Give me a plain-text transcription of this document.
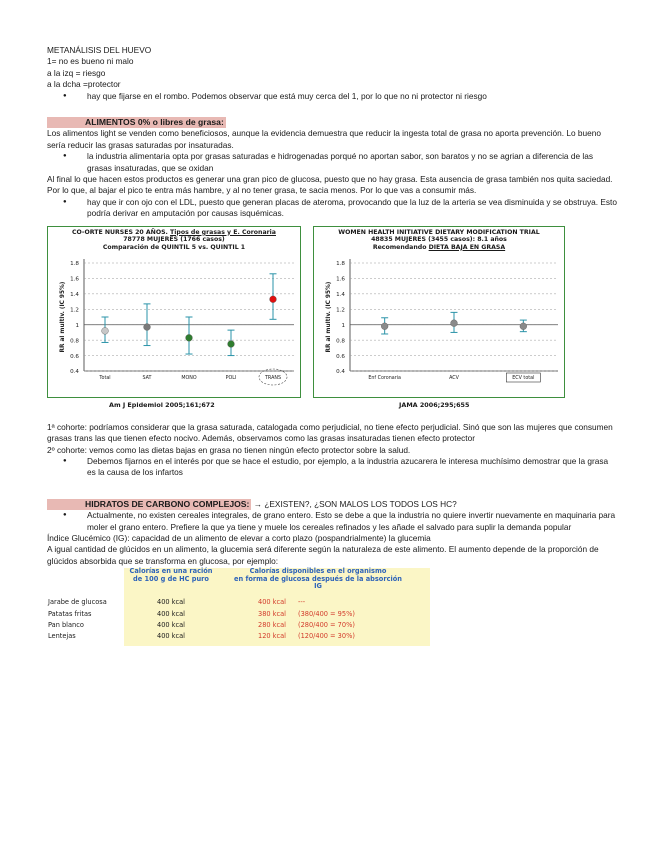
METANÁLISIS DEL HUEVO

1= no es bueno ni malo

a la izq = riesgo

a la dcha =protector

● hay que fijarse en el rombo. Podemos observar que está muy cerca del 1, por lo que no ni protector ni riesgo

ALIMENTOS 0% o libres de grasa:

Los alimentos light se venden como beneficiosos, aunque la evidencia demuestra que reducir la ingesta total de grasa no aporta prevención. Lo bueno sería reducir las grasas saturadas por insaturadas.

● la industria alimentaria opta por grasas saturadas e hidrogenadas porqué no aportan sabor, son baratos y no se agrian a diferencia de las grasas insaturadas, que se oxidan

Al final lo que hacen estos productos es generar una gran pico de glucosa, puesto que no hay grasa. Esta ausencia de grasa también nos quita saciedad. Por lo que, al bajar el pico te entra más hambre, y al no tener grasa, te sacia menos. Por lo que vas a consumir más.

● hay que ir con ojo con el LDL, puesto que generan placas de ateroma, provocando que la luz de la arteria se vea disminuida y se obstruya. Esto podría derivar en amputación por causas isquémicas.

CO-ORTE NURSES 20 AÑOS. Tipos de grasas y E. Coronaria
78778 MUJERES (1766 casos)
Comparación de QUINTIL 5 vs. QUINTIL 1
1.8
1.6
1.4
1.2
1
0.8
0.6
0.4
RR al multiv. (IC 95%)
Total	SAT	MONO	POLI	TRANS
Am J Epidemiol 2005;161;672
WOMEN HEALTH INITIATIVE DIETARY MODIFICATION TRIAL
48835 MUJERES (3455 casos): 8.1 años
Recomendando DIETA BAJA EN GRASA
1.8
1.6
1.4
1.2
1
0.8
0.6
0.4
RR al multiv. (IC 95%)
Enf Coronaria	ACV	ECV total
JAMA 2006;295;655

1ª cohorte: podríamos considerar que la grasa saturada, catalogada como perjudicial, no tiene efecto perjudicial. Sinó que son las mujeres que consumen grasas trans las que tienen efecto nocivo. Además, observamos como las grasas insaturadas tienen efecto protector

2º cohorte: vemos como las dietas bajas en grasa no tienen ningún efecto protector sobre la salud.

● Debemos fijarnos en el interés por que se hace el estudio, por ejemplo, a la industria azucarera le interesa muchísimo demostrar que la grasa es la causa de los infartos

HIDRATOS DE CARBONO COMPLEJOS: → ¿EXISTEN?, ¿SON MALOS LOS TODOS LOS HC?

● Actualmente, no existen cereales integrales, de grano entero. Esto se debe a que la industria no quiere invertir nuevamente en maquinaria para moler el grano entero. Prefiere la que ya tiene y muele los cereales refinados y les añade el salvado para suplir la demanda popular

Índice Glucémico (IG): capacidad de un alimento de elevar a corto plazo (pospandrialmente) la glucemia

A igual cantidad de glúcidos en un alimento, la glucemia será diferente según la naturaleza de este alimento. El aumento depende de la proporción de glúcidos absorbida que se transforma en glucosa, por ejemplo:

	Calorías en una ración
de 100 g de HC puro	Calorías disponibles en el organismo
en forma de glucosa después de la absorción
IG	
Jarabe de glucosa	400 kcal	400 kcal	---
Patatas fritas	400 kcal	380 kcal	(380/400 = 95%)
Pan blanco	400 kcal	280 kcal	(280/400 = 70%)
Lentejas	400 kcal	120 kcal	(120/400 = 30%)
